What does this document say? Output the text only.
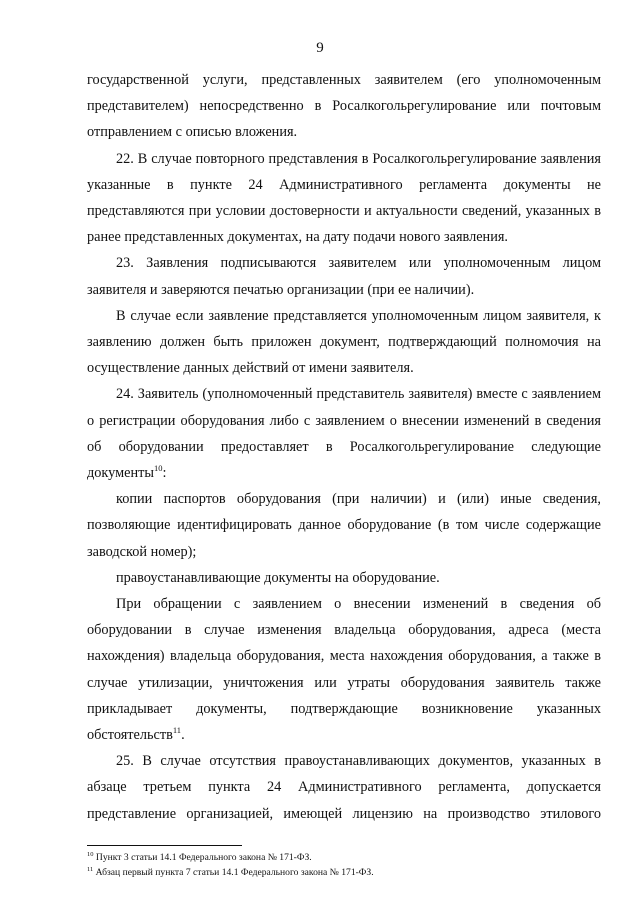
9

государственной услуги, представленных заявителем (его уполномоченным представителем) непосредственно в Росалкогольрегулирование или почтовым отправлением с описью вложения.

22. В случае повторного представления в Росалкогольрегулирование заявления указанные в пункте 24 Административного регламента документы не представляются при условии достоверности и актуальности сведений, указанных в ранее представленных документах, на дату подачи нового заявления.

23. Заявления подписываются заявителем или уполномоченным лицом заявителя и заверяются печатью организации (при ее наличии).

В случае если заявление представляется уполномоченным лицом заявителя, к заявлению должен быть приложен документ, подтверждающий полномочия на осуществление данных действий от имени заявителя.

24. Заявитель (уполномоченный представитель заявителя) вместе с заявлением о регистрации оборудования либо с заявлением о внесении изменений в сведения об оборудовании предоставляет в Росалкогольрегулирование следующие документы$^{10}$:

копии паспортов оборудования (при наличии) и (или) иные сведения, позволяющие идентифицировать данное оборудование (в том числе содержащие заводской номер);

правоустанавливающие документы на оборудование.

При обращении с заявлением о внесении изменений в сведения об оборудовании в случае изменения владельца оборудования, адреса (места нахождения) владельца оборудования, места нахождения оборудования, а также в случае утилизации, уничтожения или утраты оборудования заявитель также прикладывает документы, подтверждающие возникновение указанных обстоятельств$^{11}$.

25. В случае отсутствия правоустанавливающих документов, указанных в абзаце третьем пункта 24 Административного регламента, допускается представление организацией, имеющей лицензию на производство этилового

$^{10}$ Пункт 3 статьи 14.1 Федерального закона № 171-ФЗ.
$^{11}$ Абзац первый пункта 7 статьи 14.1 Федерального закона № 171-ФЗ.
